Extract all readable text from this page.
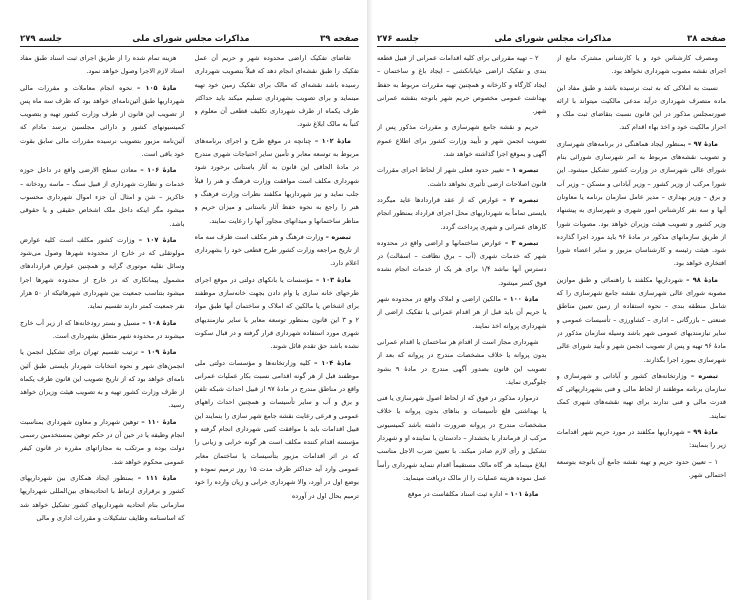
صفحه ۳۹
مذاکرات مجلس شورای ملی
جلسه ۲۷۹

تقاضای تفکیک اراضی محدوده شهر و حریم آن عمل تفکیک را طبق نقشه‌ای انجام دهد که قبلاً بتصویب شهرداری رسیده باشد نقشه‌ای که مالک برای تفکیک زمین خود تهیه مینماید و برای تصویب بشهرداری تسلیم میکند باید حداکثر ظرف یکماه از طرف شهرداری تکلیف قطعی آن معلوم و کتباً به مالک ابلاغ شود.

مادهٔ ۱۰۲ – چنانچه در موقع طرح و اجرای برنامه‌های مربوط به توسعه معابر و تأمین سایر احتیاجات شهری مندرج در مادهٔ الحاقی این قانون به آثار باستانی برخورد شود شهرداری مکلف است موافقت وزارت فرهنگ و هنر را قبلاً جلب نماید و نیز شهرداریها مکلفند نظرات وزارت فرهنگ و هنر را راجع به نحوه حفظ آثار باستانی و میزان حریم و مناظر ساختمانها و میدانهای مجاور آنها را رعایت نمایند.

تبصره – وزارت فرهنگ و هنر مکلف است ظرف سه ماه از تاریخ مراجعه وزارت کشور طرح قطعی خود را بشهرداری اعلام دارد.

مادهٔ ۱۰۳ – مؤسسات یا بانکهای دولتی در موقع اجرای طرحهای خانه سازی یا وام دادن بجهت خانه‌سازی موظفند برای اشخاص یا مالکین که املاک و ساختمان آنها طبق مواد ۲ و ۳ این قانون بمنظور توسعه معابر یا سایر نیازمندیهای شهری مورد استفاده شهرداری قرار گرفته و در قبال سکوت نشده باشد حق تقدم قائل شوند.

مادهٔ ۱۰۴ – کلیه وزارتخانه‌ها و مؤسسات دولتی ملی موظفند قبل از هر گونه اقدامی نسبت بکار عملیات عمرانی واقع در مناطق مندرج در مادهٔ ۹۷ از قبیل احداث شبکه تلفن و برق و آب و سایر تأسیسات و همچنین احداث راههای عمومی و فرعی رعایت نقشه جامع شهر سازی را بنمایند این قبیل اقدامات باید با موافقت کتبی شهرداری انجام گرفته و مؤسسه اقدام کننده مکلف است هر گونه خرابی و زیانی را که در اثر اقدامات مزبور بتأسیسات یا ساختمان معابر عمومی وارد آید حداکثر ظرف مدت ۱۵ روز ترمیم نموده و بوضع اول در آورد، والا شهرداری خرابی و زیان وارده را خود ترمیم بحال اول در آورده

هزینه تمام شده را از طریق اجرای ثبت اسناد طبق مفاد اسناد لازم الاجرا وصول خواهد نمود.

مادهٔ ۱۰۵ – نحوه انجام معاملات و مقررات مالی شهرداریها طبق آئین‌نامه‌ای خواهد بود که ظرف سه ماه پس از تصویب این قانون از طرف وزارت کشور تهیه و بتصویب کمیسیونهای کشور و دارائی مجلسین برسد مادام که آئین‌نامه مزبور بتصویب نرسیده مقررات مالی سابق بقوت خود باقی است.

مادهٔ ۱۰۶ – معادن سطح الارضی واقع در داخل حوزه خدمات و نظارت شهرداری از قبیل سنگ – ماسه رودخانه – خاکریز – شن و امثال آن جزء اموال شهرداری محسوب میشود مگر اینکه داخل ملک اشخاص حقیقی و یا حقوقی باشد.

مادهٔ ۱۰۷ – وزارت کشور مکلف است کلیه عوارض مولوتقلی که در خارج از محدوده شهرها وصول می‌شود وسائل نقلیه موتوری گرایه و همچنین عوارض قراردادهای مشمول پیمانکاری که در خارج از محدوده شهرها اجرا میشود بتناسب جمعیت بین شهرداری شهرهائیکه از ۵۰ هزار نفر جمعیت کمتر دارند تقسیم نماید.

مادهٔ ۱۰۸ – مسیل و بستر رودخانه‌ها که از زیر آب خارج میشوند در محدوده شهر متعلق بشهرداری است.

مادهٔ ۱۰۹ – ترتیب تقسیم تهران برای تشکیل انجمن یا انجمن‌های شهر و نحوه انتخابات شهردار بایستی طبق آئین نامه‌ای خواهد بود که از تاریخ تصویب این قانون ظرف یکماه از طرف وزارت کشور تهیه و به تصویب هیئت وزیران خواهد رسید.

مادهٔ ۱۱۰ – توهین شهردار و معاون شهرداری بمناسبت انجام وظیفه یا در حین آن در حکم توهین بمستخدمین رسمی دولت بوده و مرتکب به مجازاتهای مقرره در قانون کیفر عمومی محکوم خواهد شد.

مادهٔ ۱۱۱ – بمنظور ایجاد همکاری بین شهرداریهای کشور و برقراری ارتباط با اتحادیه‌های بین‌المللی شهرداریها سازمانی بنام اتحادیه شهرداریهای کشور تشکیل خواهد شد که اساسنامه وظایف تشکیلات و مقررات اداری و مالی

صفحه ۳۸
مذاکرات مجلس شورای ملی
جلسه ۲۷۶

ومصرف کارشناس خود و یا کارشناس مشترک مانع از اجرای نقشه مصوب شهرداری نخواهد بود.

نسبت به املاکی که به ثبت نرسیده باشد و طبق مفاد این ماده متصرف شهرداری درآید مدعی مالکیت میتواند با ارائه صورتمجلس مذکور در این قانون نسبت بتقاضای ثبت ملک و احراز مالکیت خود و اخذ بهاء اقدام کند.

مادهٔ ۹۷ – بمنظور ایجاد هماهنگی در برنامه‌های شهرسازی و تصویب نقشه‌های مربوط به امر شهرسازی شورائی بنام شورای عالی شهرسازی در وزارت کشور تشکیل میشود. این شورا مرکب از وزیر کشور – وزیر آبادانی و مسکن – وزیر آب و برق – وزیر بهداری – مدیر عامل سازمان برنامه یا معاونان آنها و سه نفر کارشناس امور شهری و شهرسازی به پیشنهاد وزیر کشور و تصویب هیئت وزیران خواهد بود. مصوبات شورا از طریق سازمانهای مذکور در مادهٔ ۹۶ باید مورد اجرا گذارده شود. هیئت رئیسه و کارشناسان مزبور و سایر اعضاء شورا افتخاری خواهد بود.

مادهٔ ۹۸ – شهرداریها مکلفند با راهنمائی و طبق موازین مصوبه شورای عالی شهرسازی نقشه جامع شهرسازی را که شامل منطقه بندی – نحوه استفاده از زمین تعیین مناطق صنعتی – بازرگانی – اداری – کشاورزی – تأسیسات عمومی و سایر نیازمندیهای عمومی شهر باشد وسیله سازمان مذکور در مادهٔ ۹۶ تهیه و پس از تصویب انجمن شهر و تأیید شورای عالی شهرسازی بمورد اجرا بگذارند.

تبصره – وزارتخانه‌های کشور و آبادانی و شهرسازی و سازمان برنامه موظفند از لحاظ مالی و فنی بشهرداریهائی که قدرت مالی و فنی ندارند برای تهیه نقشه‌های شهری کمک نمایند.

مادهٔ ۹۹ – شهرداریها مکلفند در مورد حریم شهر اقدامات زیر را بنمایند:

۱ – تعیین حدود حریم و تهیه نقشه جامع آن باتوجه بتوسعه احتمالی شهر.

۲ – تهیه مقرراتی برای کلیه اقدامات عمرانی از قبیل قطعه بندی و تفکیک اراضی خیابانکشی – ایجاد باغ و ساختمان – ایجاد کارگاه و کارخانه و همچنین تهیه مقررات مربوط به حفظ بهداشت عمومی مخصوص حریم شهر باتوجه بنقشه عمرانی شهر.

حریم و نقشه جامع شهرسازی و مقررات مذکور پس از تصویب انجمن شهر و تأیید وزارت کشور برای اطلاع عموم آگهی و بموقع اجرا گذاشته خواهد شد.

تبصره ۱ – تغییر حدود فعلی شهر از لحاظ اجرای مقررات قانون اصلاحات ارضی تأثیری نخواهد داشت.

تبصره ۲ – عوارض که از عقد قراردادها عاید میگردد بایستی تماماً به شهرداریهای محل اجرای قرارداد بمنظور انجام کارهای عمرانی و شهری پرداخت گردد.

تبصره ۳ – عوارض ساختمانها و اراضی واقع در محدوده شهر که خدمات شهری (آب – برق نظافت – اسفالت) در دسترس آنها نباشد ۱/۴ برای هر یک از خدمات انجام نشده فوق کسر میشود.

مادهٔ ۱۰۰ – مالکین اراضی و املاک واقع در محدوده شهر یا حریم آن باید قبل از هر اقدام عمرانی یا تفکیک اراضی از شهرداری پروانه اخذ نمایند.

شهرداری مجاز است از اقدام هر ساختمان یا اقدام عمرانی بدون پروانه یا خلاف مشخصات مندرج در پروانه که بعد از تصویب این قانون بصدور آگهی مندرج در مادهٔ ۹ بشود جلوگیری نماید.

درموارد مذکور در فوق که از لحاظ اصول شهرسازی یا فنی یا بهداشتی قلع تأسیسات و بناهای بدون پروانه یا خلاف مشخصات مندرج در پروانه ضرورت داشته باشد کمیسیونی مرکب از فرماندار یا بخشدار – دادستان یا نماینده او و شهردار تشکیل و رأی لازم صادر میکند. با تعیین ضرب الاجل مناسب ابلاغ مینماید هر گاه مالک مستقیماً اقدام ننماید شهرداری رأساً عمل نموده هزینه عملیات را از مالک دریافت مینماید.

مادهٔ ۱۰۱ – اداره ثبت اسناد مکلفاست در موقع
